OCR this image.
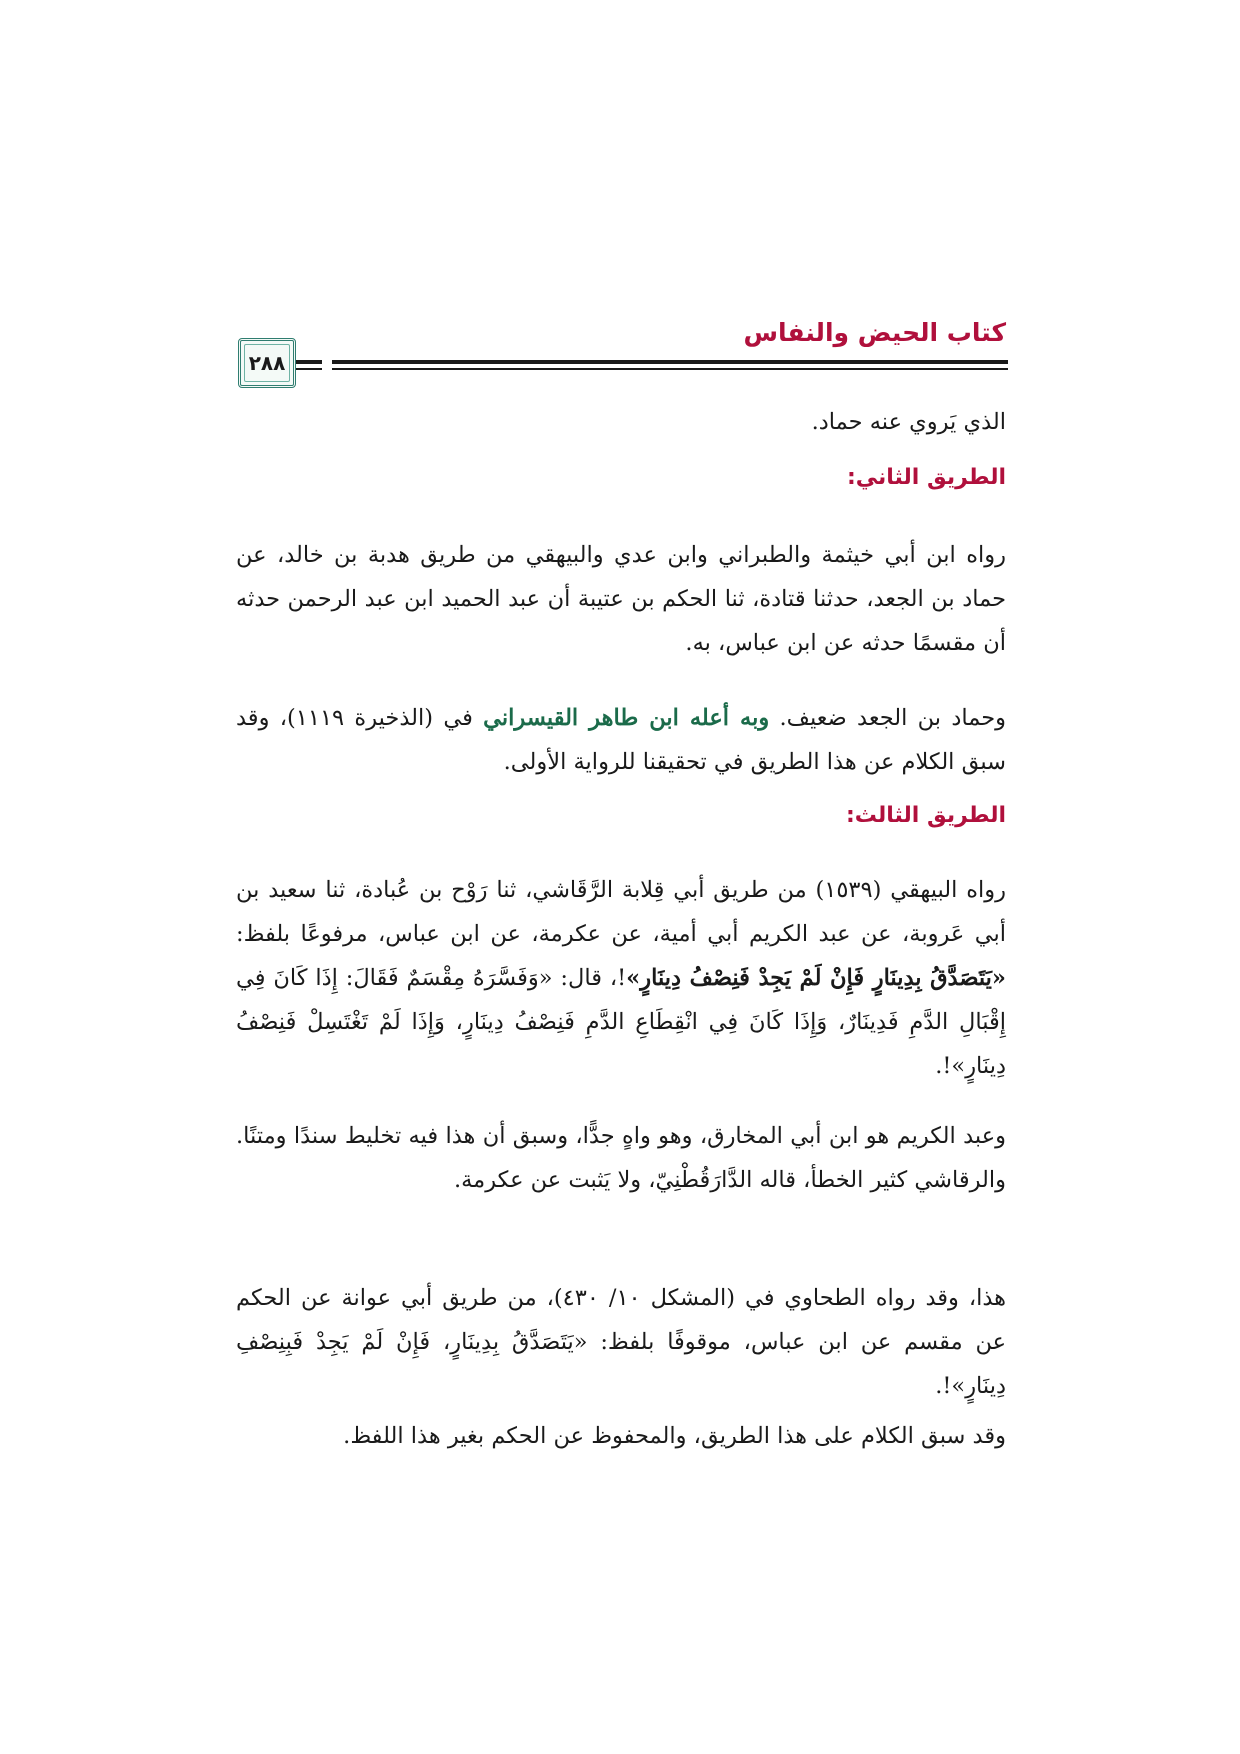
كتاب الحيض والنفاس
٢٨٨

الذي يَروي عنه حماد.

الطريق الثاني:

رواه ابن أبي خيثمة والطبراني وابن عدي والبيهقي من طريق هدبة بن خالد، عن حماد بن الجعد، حدثنا قتادة، ثنا الحكم بن عتيبة أن عبد الحميد ابن عبد الرحمن حدثه أن مقسمًا حدثه عن ابن عباس، به.

وحماد بن الجعد ضعيف. وبه أعله ابن طاهر القيسراني في (الذخيرة ١١١٩)، وقد سبق الكلام عن هذا الطريق في تحقيقنا للرواية الأولى.

الطريق الثالث:

رواه البيهقي (١٥٣٩) من طريق أبي قِلابة الرَّقَاشي، ثنا رَوْح بن عُبادة، ثنا سعيد بن أبي عَروبة، عن عبد الكريم أبي أمية، عن عكرمة، عن ابن عباس، مرفوعًا بلفظ: «يَتَصَدَّقُ بِدِينَارٍ فَإِنْ لَمْ يَجِدْ فَنِصْفُ دِينَارٍ»!، قال: «وَفَسَّرَهُ مِقْسَمٌ فَقَالَ: إِذَا كَانَ فِي إِقْبَالِ الدَّمِ فَدِينَارٌ، وَإِذَا كَانَ فِي انْقِطَاعِ الدَّمِ فَنِصْفُ دِينَارٍ، وَإِذَا لَمْ تَغْتَسِلْ فَنِصْفُ دِينَارٍ»!.

وعبد الكريم هو ابن أبي المخارق، وهو واهٍ جدًّا، وسبق أن هذا فيه تخليط سندًا ومتنًا. والرقاشي كثير الخطأ، قاله الدَّارَقُطْنِيّ، ولا يَثبت عن عكرمة.

هذا، وقد رواه الطحاوي في (المشكل ١٠/ ٤٣٠)، من طريق أبي عوانة عن الحكم عن مقسم عن ابن عباس، موقوفًا بلفظ: «يَتَصَدَّقُ بِدِينَارٍ، فَإِنْ لَمْ يَجِدْ فَبِنِصْفِ دِينَارٍ»!.

وقد سبق الكلام على هذا الطريق، والمحفوظ عن الحكم بغير هذا اللفظ.
